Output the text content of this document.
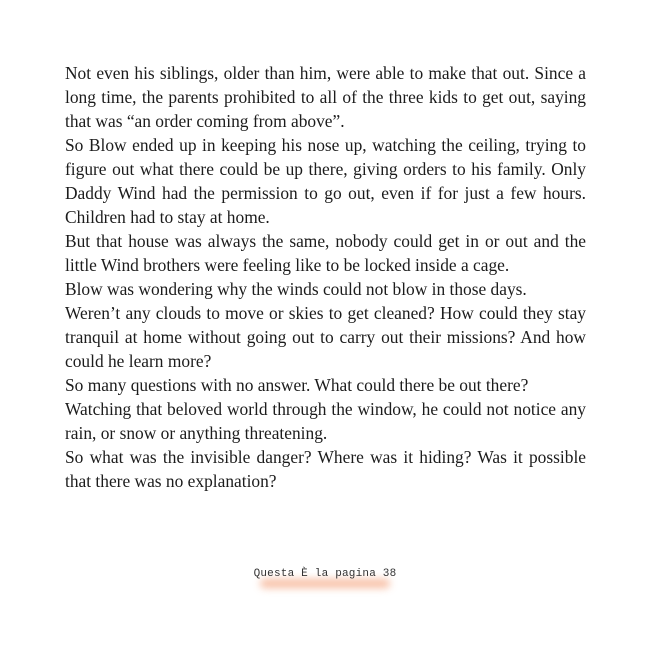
Not even his siblings, older than him, were able to make that out. Since a long time, the parents prohibited to all of the three kids to get out, saying that was “an order coming from above”.

So Blow ended up in keeping his nose up, watching the ceiling, trying to figure out what there could be up there, giving orders to his family. Only Daddy Wind had the permission to go out, even if for just a few hours. Children had to stay at home.

But that house was always the same, nobody could get in or out and the little Wind brothers were feeling like to be locked inside a cage.

Blow was wondering why the winds could not blow in those days.

Weren’t any clouds to move or skies to get cleaned? How could they stay tranquil at home without going out to carry out their missions? And how could he learn more?

So many questions with no answer. What could there be out there?

Watching that beloved world through the window, he could not notice any rain, or snow or anything threatening.

So what was the invisible danger? Where was it hiding? Was it possible that there was no explanation?

Questa È la pagina 38
